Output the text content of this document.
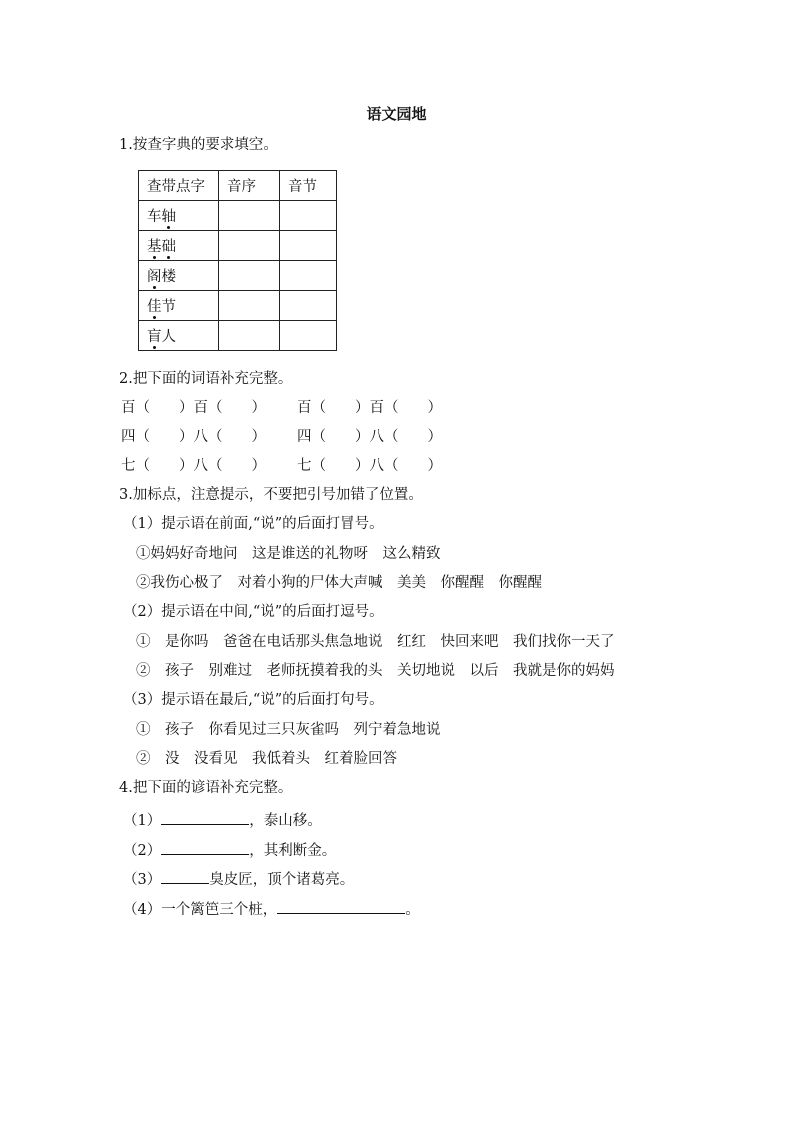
语文园地
1.按查字典的要求填空。
查带点字	音序	音节
车轴		
基础		
阁楼		
佳节		
盲人		
2.把下面的词语补充完整。
百（　　）百（　　） 百（　　）百（　　）
四（　　）八（　　） 四（　　）八（　　）
七（　　）八（　　） 七（　　）八（　　）
3.加标点，注意提示，不要把引号加错了位置。
（1）提示语在前面,“说”的后面打冒号。
①妈妈好奇地问　这是谁送的礼物呀　这么精致
②我伤心极了　对着小狗的尸体大声喊　美美　你醒醒　你醒醒
（2）提示语在中间,“说”的后面打逗号。
①　是你吗　爸爸在电话那头焦急地说　红红　快回来吧　我们找你一天了
②　孩子　别难过　老师抚摸着我的头　关切地说　以后　我就是你的妈妈
（3）提示语在最后,“说”的后面打句号。
①　孩子　你看见过三只灰雀吗　列宁着急地说
②　没　没看见　我低着头　红着脸回答
4.把下面的谚语补充完整。
（1）	，泰山移。
（2）	，其利断金。
（3）	臭皮匠，顶个诸葛亮。
（4）一个篱笆三个桩，	。
